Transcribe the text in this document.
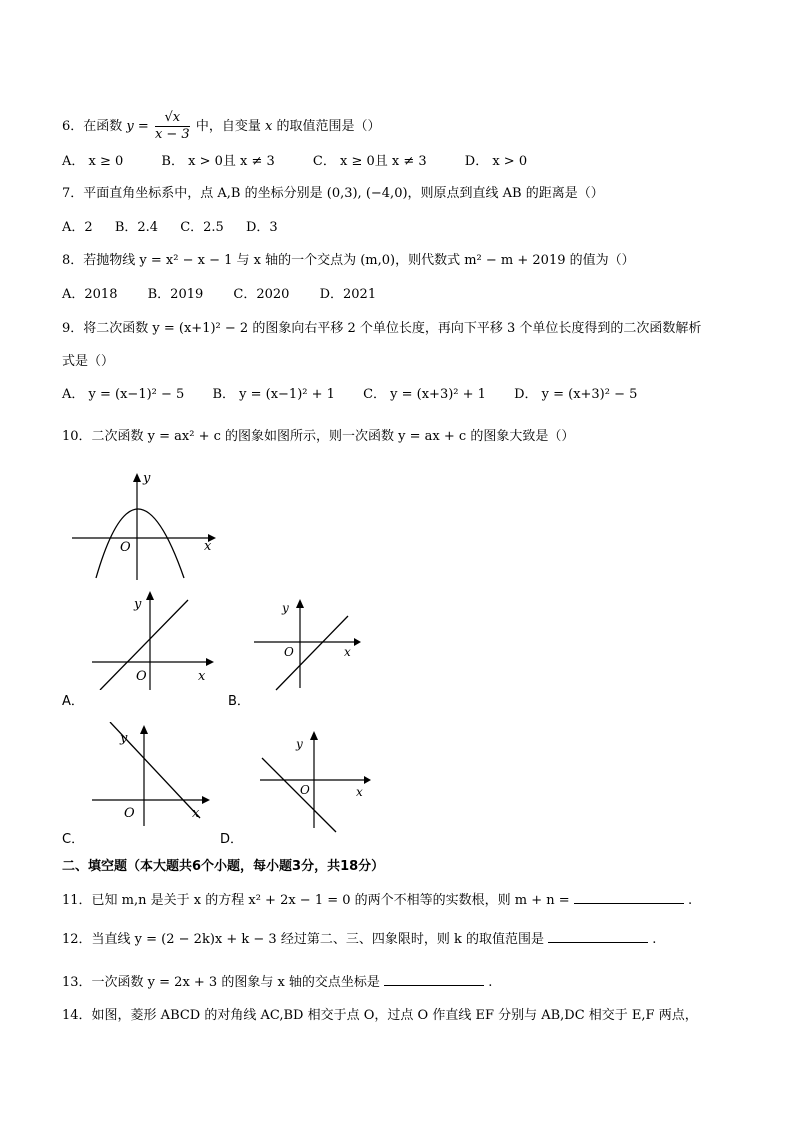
6．在函数 $y = \frac{√x}{x - 3}$ 中，自变量 x 的取值范围是（）
A． x ≥ 0	B． x > 0且 x ≠ 3	C． x ≥ 0且 x ≠ 3	D． x > 0
7．平面直角坐标系中，点 A,B 的坐标分别是 (0,3), (−4,0)，则原点到直线 AB 的距离是（）
A．2 B．2.4 C．2.5 D．3
8．若抛物线 y = x² − x − 1 与 x 轴的一个交点为 (m,0)，则代数式 m² − m + 2019 的值为（）
A．2018 B．2019 C．2020 D．2021
9．将二次函数 y = (x+1)² − 2 的图象向右平移 2 个单位长度，再向下平移 3 个单位长度得到的二次函数解析
式是（）
A． y = (x−1)² − 5 B． y = (x−1)² + 1 C． y = (x+3)² + 1 D． y = (x+3)² − 5
10．二次函数 y = ax² + c 的图象如图所示，则一次函数 y = ax + c 的图象大致是（）
x
y
O
x
y
O
A．
x
y
O
B．
x
y
O
C．
x
y
O
D．
二、填空题（本大题共6个小题，每小题3分，共18分）
11．已知 m,n 是关于 x 的方程 x² + 2x − 1 = 0 的两个不相等的实数根，则 m + n =	.
12．当直线 y = (2 − 2k)x + k − 3 经过第二、三、四象限时，则 k 的取值范围是	.
13．一次函数 y = 2x + 3 的图象与 x 轴的交点坐标是	.
14．如图，菱形 ABCD 的对角线 AC,BD 相交于点 O，过点 O 作直线 EF 分别与 AB,DC 相交于 E,F 两点，
